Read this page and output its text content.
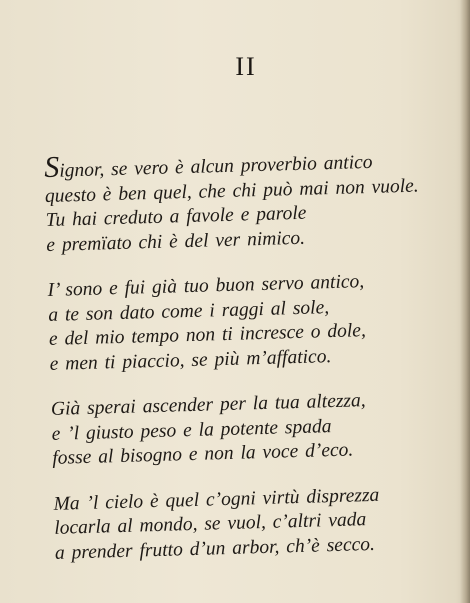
II
Signor, se vero è alcun proverbio antico
questo è ben quel, che chi può mai non vuole.
Tu hai creduto a favole e parole
e premïato chi è del ver nimico.
I’ sono e fui già tuo buon servo antico,
a te son dato come i raggi al sole,
e del mio tempo non ti incresce o dole,
e men ti piaccio, se più m’affatico.
Già sperai ascender per la tua altezza,
e ’l giusto peso e la potente spada
fosse al bisogno e non la voce d’eco.
Ma ’l cielo è quel c’ogni virtù disprezza
locarla al mondo, se vuol, c’altri vada
a prender frutto d’un arbor, ch’è secco.
